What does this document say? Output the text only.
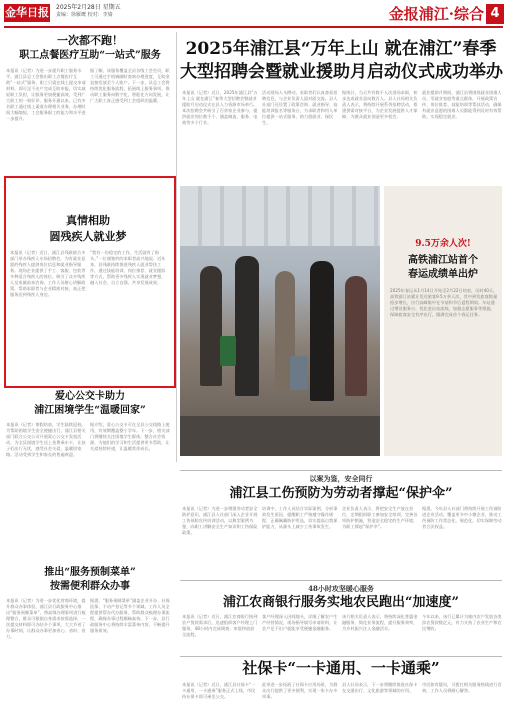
金华日报 2025年2月28日 星期五
责编：徐雁鹰 校对：李旖	金报浦江·综合 4
一次都不跑！
职工点餐医疗互助“一站式”服务
本报讯（记者）为进一步提升职工服务水平，浦江县总工会推出职工点餐医疗互助“一站式”服务，职工只需在线上提交申请材料，即可足不出户完成互助申报，切实减轻职工负担，让服务更加便捷高效，受到广大职工的一致好评。服务开通以来，已有多名职工通过线上渠道办理相关业务，办理时间大幅缩短，工会服务职工的能力和水平进一步提升。
据了解，该服务覆盖全县各级工会会员，职工可通过手机端随时查询办理进度，互助金直接发放至个人账户。下一步，县总工会将持续优化服务流程，拓展线上服务事项，推动职工服务向数字化、智能化方向发展，让广大职工真正感受到工会组织的温暖。
真情相助
圆残疾人就业梦
本报讯（记者）近日，浦江县残联联合多部门举办残疾人专场招聘会，为有就业意愿的残疾人提供岗位信息和就业指导服务。现场企业提供了手工、客服、包装等多种适合残疾人的岗位，吸引了众多残疾人及家属前来咨询。工作人员耐心讲解政策，帮助求职者与企业精准对接，真正把服务送到残疾人身边。
“我有一份稳定的工作，生活就有了盼头。”一位刚签约的求职者高兴地说。近年来，县残联持续推进残疾人就业帮扶工作，通过技能培训、岗位推荐、就业跟踪等方式，帮助更多残疾人实现就业梦想，融入社会、自立自强，共享发展成果。
爱心公交卡助力
浦江困境学生“温暖回家”
本报讯（记者）寒假结束，学生陆续返校。为帮助困境学生安全便捷出行，浦江县相关部门联合公交公司开展爱心公交卡发放活动，为全县困境学生送上免费乘车卡，让孩子们出行无忧，感受社会关爱，温暖回家路。活动受到学生和家长的普遍欢迎。
据介绍，爱心公交卡可在全县公交线路上使用，有效期覆盖整个学年。下一步，相关部门将继续关注困境学生群体，整合社会资源，为他们的学习和生活提供更多帮助，让关爱持续传递，让温暖常伴成长。
推出“服务预制菜单”
按需便利群众办事
本报讯（记者）为进一步优化营商环境，提升群众办事体验，浦江县行政服务中心推出“服务预制菜单”，将高频办理事项进行梳理整合，群众可根据自身需求按需选择，一次提交材料即可办结多个事项，大大节省了办事时间，让群众办事更加省心、省时、省力。
据悉，“服务预制菜单”涵盖企业开办、社保医保、不动产登记等多个领域。工作人员全程提供帮办代办服务，帮助群众梳理办事流程，确保办事过程顺畅高效。下一步，县行政服务中心将持续丰富菜单内容，不断提升服务质效。
2025年浦江县“万年上山 就在浦江”春季
大型招聘会暨就业援助月启动仪式成功举办
本报讯（记者）近日，2025年浦江县“万年上山 就在浦江”春季大型招聘会暨就业援助月启动仪式在县人力资源市场举行。本次招聘会共吸引了百余家企业参与，提供就业岗位数千个，涵盖制造、服务、电商等多个行业。
活动现场人头攒动，求职者们认真查看招聘信息，与企业负责人面对面交流。县人社部门还设置了政策咨询、就业指导、技能培训报名等服务台，为求职者和用人单位提供一站式服务，助力稳就业、保民生。
据统计，当天共有数千人次进场求职，初步达成就业意向数百人。县人社局相关负责人表示，将持续开展系列招聘活动，搭建供需对接平台，为企业发展提供人才保障，为群众就业创造更多机会。
就业援助月期间，浦江县将围绕就业困难人员、零就业家庭等重点群体，开展政策宣传、岗位推荐、技能培训等帮扶活动，确保有就业意愿的困难人员都能得到及时有效帮助，实现稳定就业。
9.5万余人次!
高铁浦江站首个
春运成绩单出炉
2025年春运从1月14日开始至2月22日结束，历时40天。高铁浦江站累计发送旅客9.5万余人次，其中到发旅客数量稳步增长，出行高峰集中在节前和节后返程期间。车站通过增设服务台、优化进出站流线、加强志愿服务等措施，保障旅客安全有序出行，圆满完成首个春运任务。
以案为鉴，安全同行
浦江县工伤预防为劳动者撑起“保护伞”
本报讯（记者）为进一步增强劳动者安全防护意识，浦江县人社部门深入企业开展工伤预防宣传培训活动，以典型案例为鉴，向职工讲解安全生产知识和工伤保险政策。
培训中，工作人员结合实际案例，分析事故发生原因，提醒职工严格遵守操作规程，正确佩戴防护用品，切实提高自我保护能力，从源头上减少工伤事故发生。
企业负责人表示，将把安全生产放在首位，定期组织职工参加安全培训，完善各项防护措施，营造安全稳定的生产环境，为职工撑起“保护伞”。
据悉，今年县人社部门将持续开展工伤预防进企业活动，覆盖更多中小微企业，推动工伤预防工作常态化、规范化，切实保障劳动者合法权益。
48小时攻坚暖心服务
浦江农商银行服务实地农民跑出“加速度”
本报讯（记者）近日，浦江农商银行接到农户贷款需求后，迅速组织客户经理上门服务，48小时内完成调查、审批和放款全流程。
客户经理深入田间地头，详细了解农户生产经营情况，现场指导填写申请资料，让农户足不出户就能享受便捷金融服务。
该行相关负责人表示，将持续深化普惠金融服务，简化业务流程，提升服务效率，为乡村振兴注入金融活水。
今年以来，该行已累计为辖内农户发放各类涉农贷款数亿元，有力支持了农业生产和农民增收。
社保卡“一卡通用、一卡通乘”
本报讯（记者）近日，浦江县社保卡“一卡通用、一卡通乘”服务正式上线，市民持社保卡即可乘坐公交。
此举进一步拓展了社保卡应用场景，为群众出行提供了更多便利，实现一张卡办多项事。
县人社局表示，下一步将继续推进社保卡在交通出行、文化旅游等领域的应用。
市民如有疑问，可拨打相关服务热线进行咨询，工作人员将耐心解答。
